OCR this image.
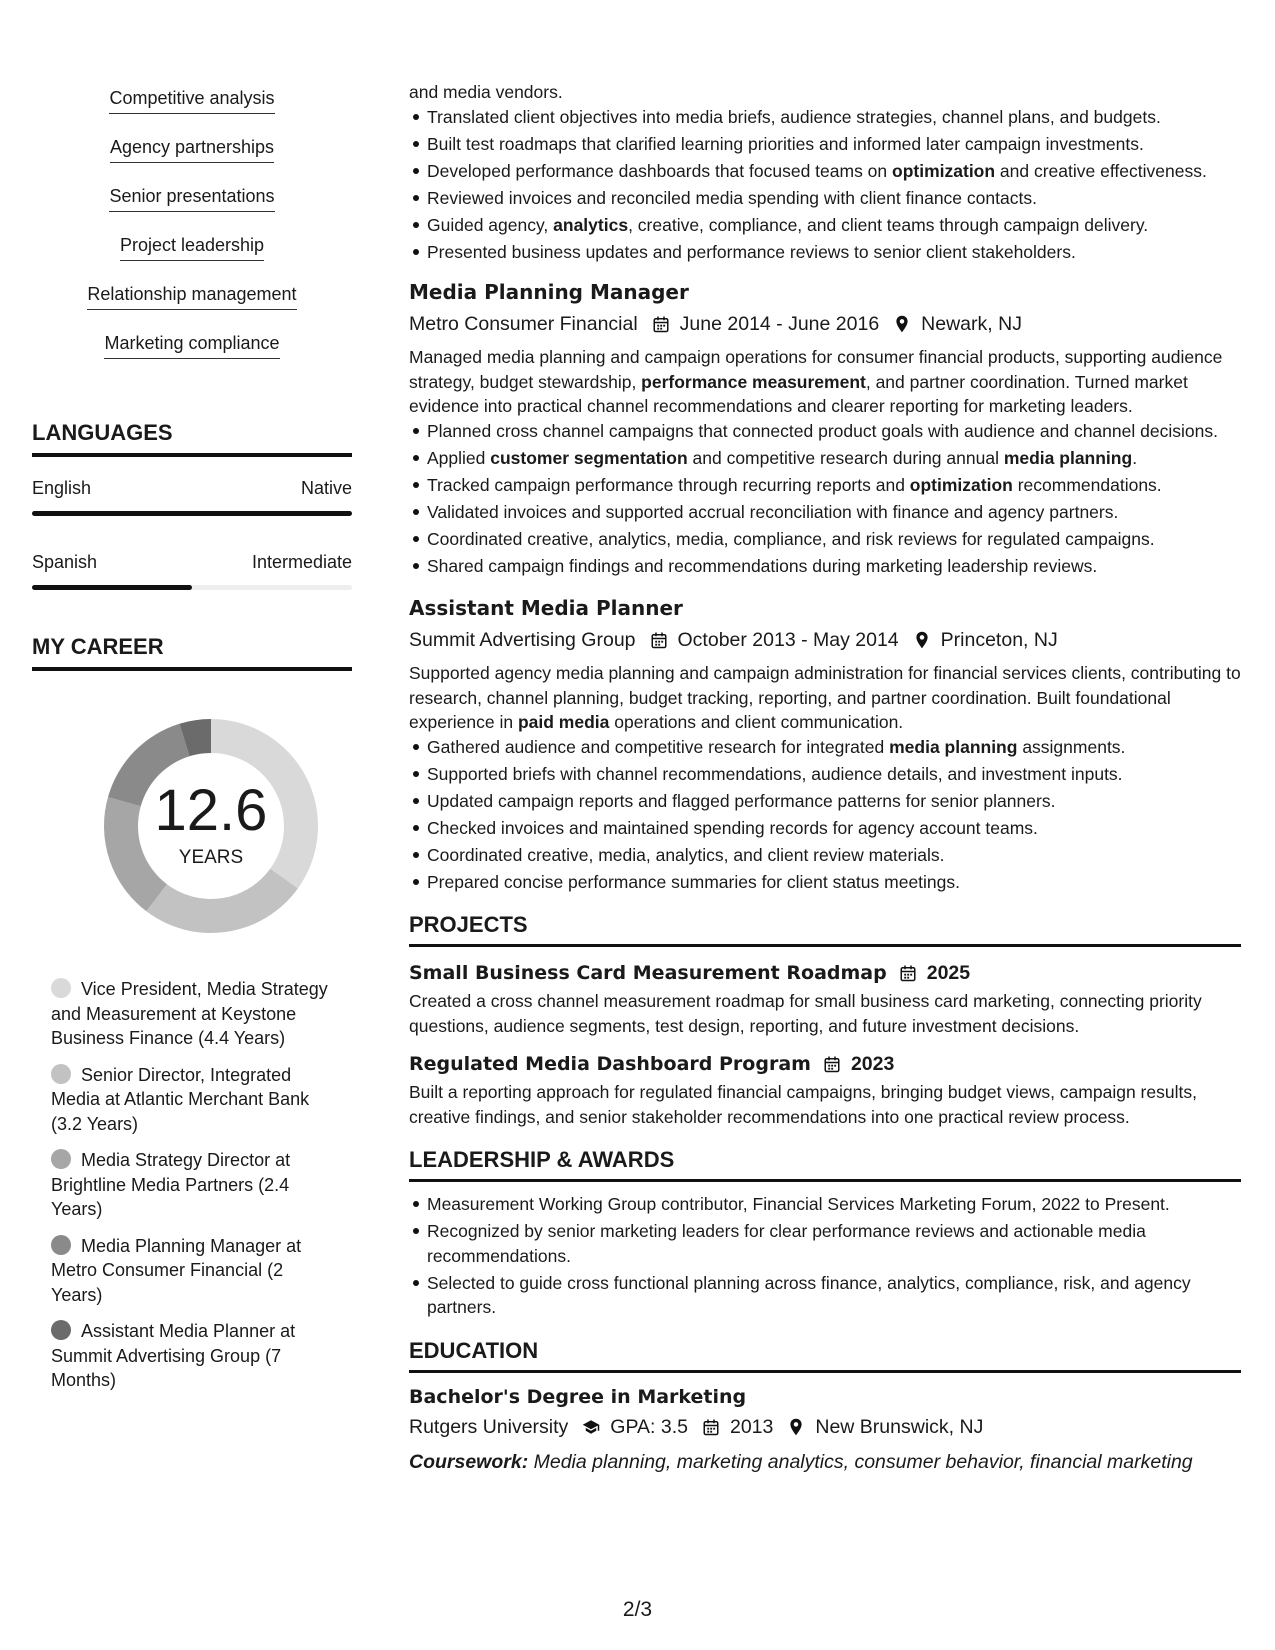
Competitive analysis
Agency partnerships
Senior presentations
Project leadership
Relationship management
Marketing compliance
LANGUAGES
English	Native
Spanish	Intermediate
MY CAREER
12.6
YEARS
Vice President, Media Strategy and Measurement at Keystone Business Finance (4.4 Years)
Senior Director, Integrated Media at Atlantic Merchant Bank (3.2 Years)
Media Strategy Director at Brightline Media Partners (2.4 Years)
Media Planning Manager at Metro Consumer Financial (2 Years)
Assistant Media Planner at Summit Advertising Group (7 Months)

and media vendors.

Translated client objectives into media briefs, audience strategies, channel plans, and budgets.
Built test roadmaps that clarified learning priorities and informed later campaign investments.
Developed performance dashboards that focused teams on optimization and creative effectiveness.
Reviewed invoices and reconciled media spending with client finance contacts.
Guided agency, analytics, creative, compliance, and client teams through campaign delivery.
Presented business updates and performance reviews to senior client stakeholders.
Media Planning Manager
Metro Consumer Financial June 2014 - June 2016 Newark, NJ

Managed media planning and campaign operations for consumer financial products, supporting audience strategy, budget stewardship, performance measurement, and partner coordination. Turned market evidence into practical channel recommendations and clearer reporting for marketing leaders.

Planned cross channel campaigns that connected product goals with audience and channel decisions.
Applied customer segmentation and competitive research during annual media planning.
Tracked campaign performance through recurring reports and optimization recommendations.
Validated invoices and supported accrual reconciliation with finance and agency partners.
Coordinated creative, analytics, media, compliance, and risk reviews for regulated campaigns.
Shared campaign findings and recommendations during marketing leadership reviews.
Assistant Media Planner
Summit Advertising Group October 2013 - May 2014 Princeton, NJ

Supported agency media planning and campaign administration for financial services clients, contributing to research, channel planning, budget tracking, reporting, and partner coordination. Built foundational experience in paid media operations and client communication.

Gathered audience and competitive research for integrated media planning assignments.
Supported briefs with channel recommendations, audience details, and investment inputs.
Updated campaign reports and flagged performance patterns for senior planners.
Checked invoices and maintained spending records for agency account teams.
Coordinated creative, media, analytics, and client review materials.
Prepared concise performance summaries for client status meetings.
PROJECTS
Small Business Card Measurement Roadmap 2025

Created a cross channel measurement roadmap for small business card marketing, connecting priority questions, audience segments, test design, reporting, and future investment decisions.

Regulated Media Dashboard Program 2023

Built a reporting approach for regulated financial campaigns, bringing budget views, campaign results, creative findings, and senior stakeholder recommendations into one practical review process.

LEADERSHIP & AWARDS
Measurement Working Group contributor, Financial Services Marketing Forum, 2022 to Present.
Recognized by senior marketing leaders for clear performance reviews and actionable media recommendations.
Selected to guide cross functional planning across finance, analytics, compliance, risk, and agency partners.
EDUCATION
Bachelor's Degree in Marketing
Rutgers University GPA: 3.5 2013 New Brunswick, NJ
Coursework: Media planning, marketing analytics, consumer behavior, financial marketing
2/3
